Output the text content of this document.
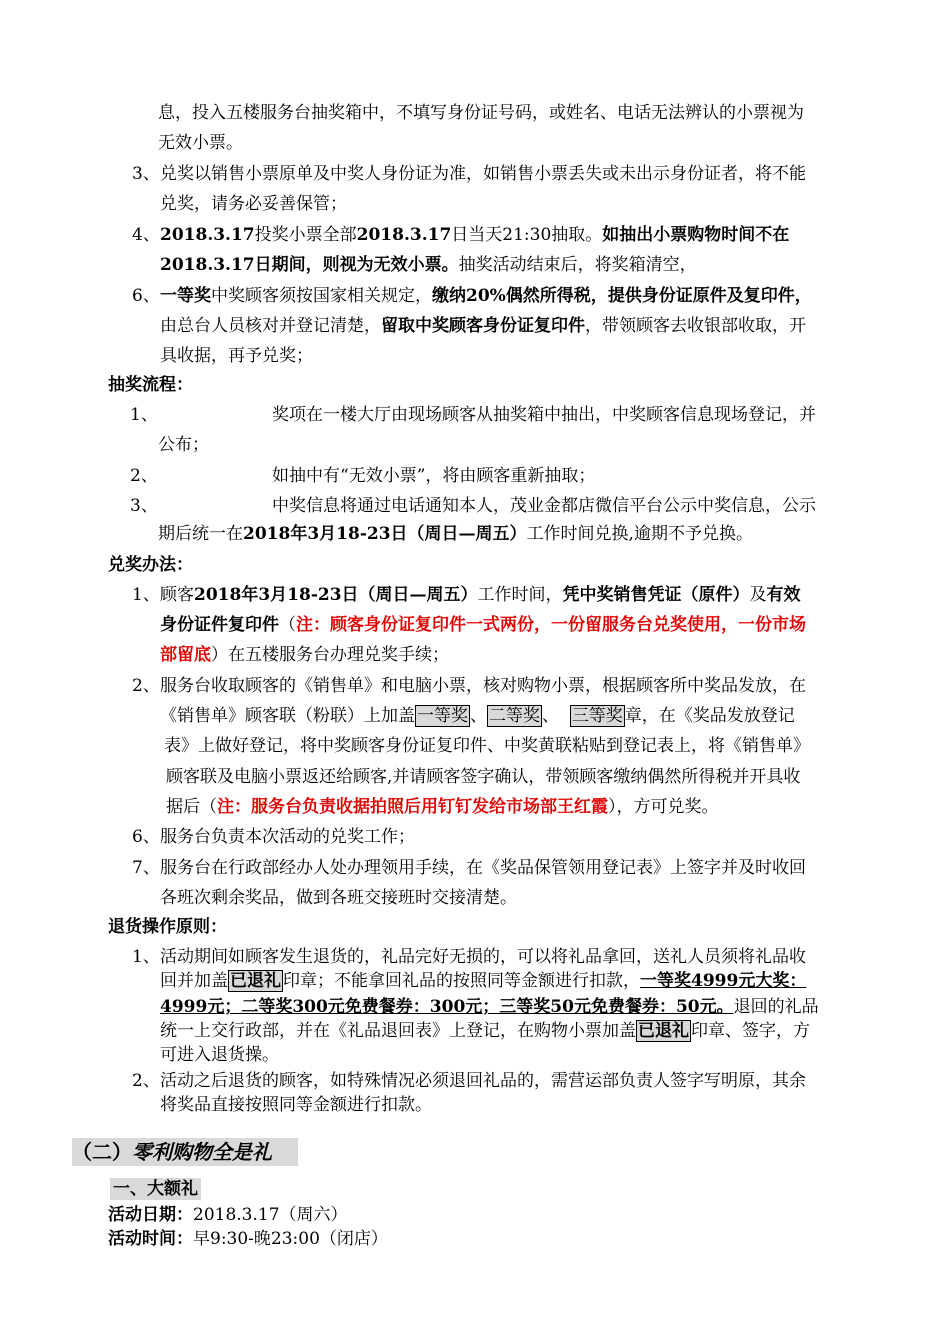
息，投入五楼服务台抽奖箱中，不填写身份证号码，或姓名、电话无法辨认的小票视为
无效小票。
3、 兑奖以销售小票原单及中奖人身份证为准，如销售小票丢失或未出示身份证者，将不能
兑奖，请务必妥善保管；
4、 2018.3.17投奖小票全部2018.3.17日当天21:30抽取。如抽出小票购物时间不在
2018.3.17日期间，则视为无效小票。抽奖活动结束后，将奖箱清空，
6、 一等奖中奖顾客须按国家相关规定，缴纳20%偶然所得税，提供身份证原件及复印件，
由总台人员核对并登记清楚，留取中奖顾客身份证复印件，带领顾客去收银部收取，开
具收据，再予兑奖；
抽奖流程：
1、	奖项在一楼大厅由现场顾客从抽奖箱中抽出，中奖顾客信息现场登记，并
公布；
2、	如抽中有“无效小票”，将由顾客重新抽取；
3、	中奖信息将通过电话通知本人，茂业金都店微信平台公示中奖信息，公示
期后统一在2018年3月18-23日（周日—周五）工作时间兑换,逾期不予兑换。
兑奖办法：
1、 顾客2018年3月18-23日（周日—周五）工作时间，凭中奖销售凭证（原件）及有效
身份证件复印件（注：顾客身份证复印件一式两份，一份留服务台兑奖使用，一份市场
部留底）在五楼服务台办理兑奖手续；
2、 服务台收取顾客的《销售单》和电脑小票，核对购物小票，根据顾客所中奖品发放，在
《销售单》顾客联（粉联）上加盖 一等奖 、 二等奖 、 三等奖 章，在《奖品发放登记
表》上做好登记，将中奖顾客身份证复印件、中奖黄联粘贴到登记表上，将《销售单》
顾客联及电脑小票返还给顾客,并请顾客签字确认，带领顾客缴纳偶然所得税并开具收
据后（注：服务台负责收据拍照后用钉钉发给市场部王红霞），方可兑奖。
6、 服务台负责本次活动的兑奖工作；
7、 服务台在行政部经办人处办理领用手续，在《奖品保管领用登记表》上签字并及时收回
各班次剩余奖品，做到各班交接班时交接清楚。
退货操作原则：
1、 活动期间如顾客发生退货的，礼品完好无损的，可以将礼品拿回，送礼人员须将礼品收
回并加盖 已退礼 印章；不能拿回礼品的按照同等金额进行扣款，一等奖4999元大奖：
4999元；二等奖300元免费餐券：300元；三等奖50元免费餐券：50元。退回的礼品
统一上交行政部，并在《礼品退回表》上登记，在购物小票加盖 已退礼 印章、签字，方
可进入退货操。
2、 活动之后退货的顾客，如特殊情况必须退回礼品的，需营运部负责人签字写明原，其余
将奖品直接按照同等金额进行扣款。
（二）零利购物全是礼
一、大额礼
活动日期：2018.3.17（周六）
活动时间：早9:30-晚23:00（闭店）
